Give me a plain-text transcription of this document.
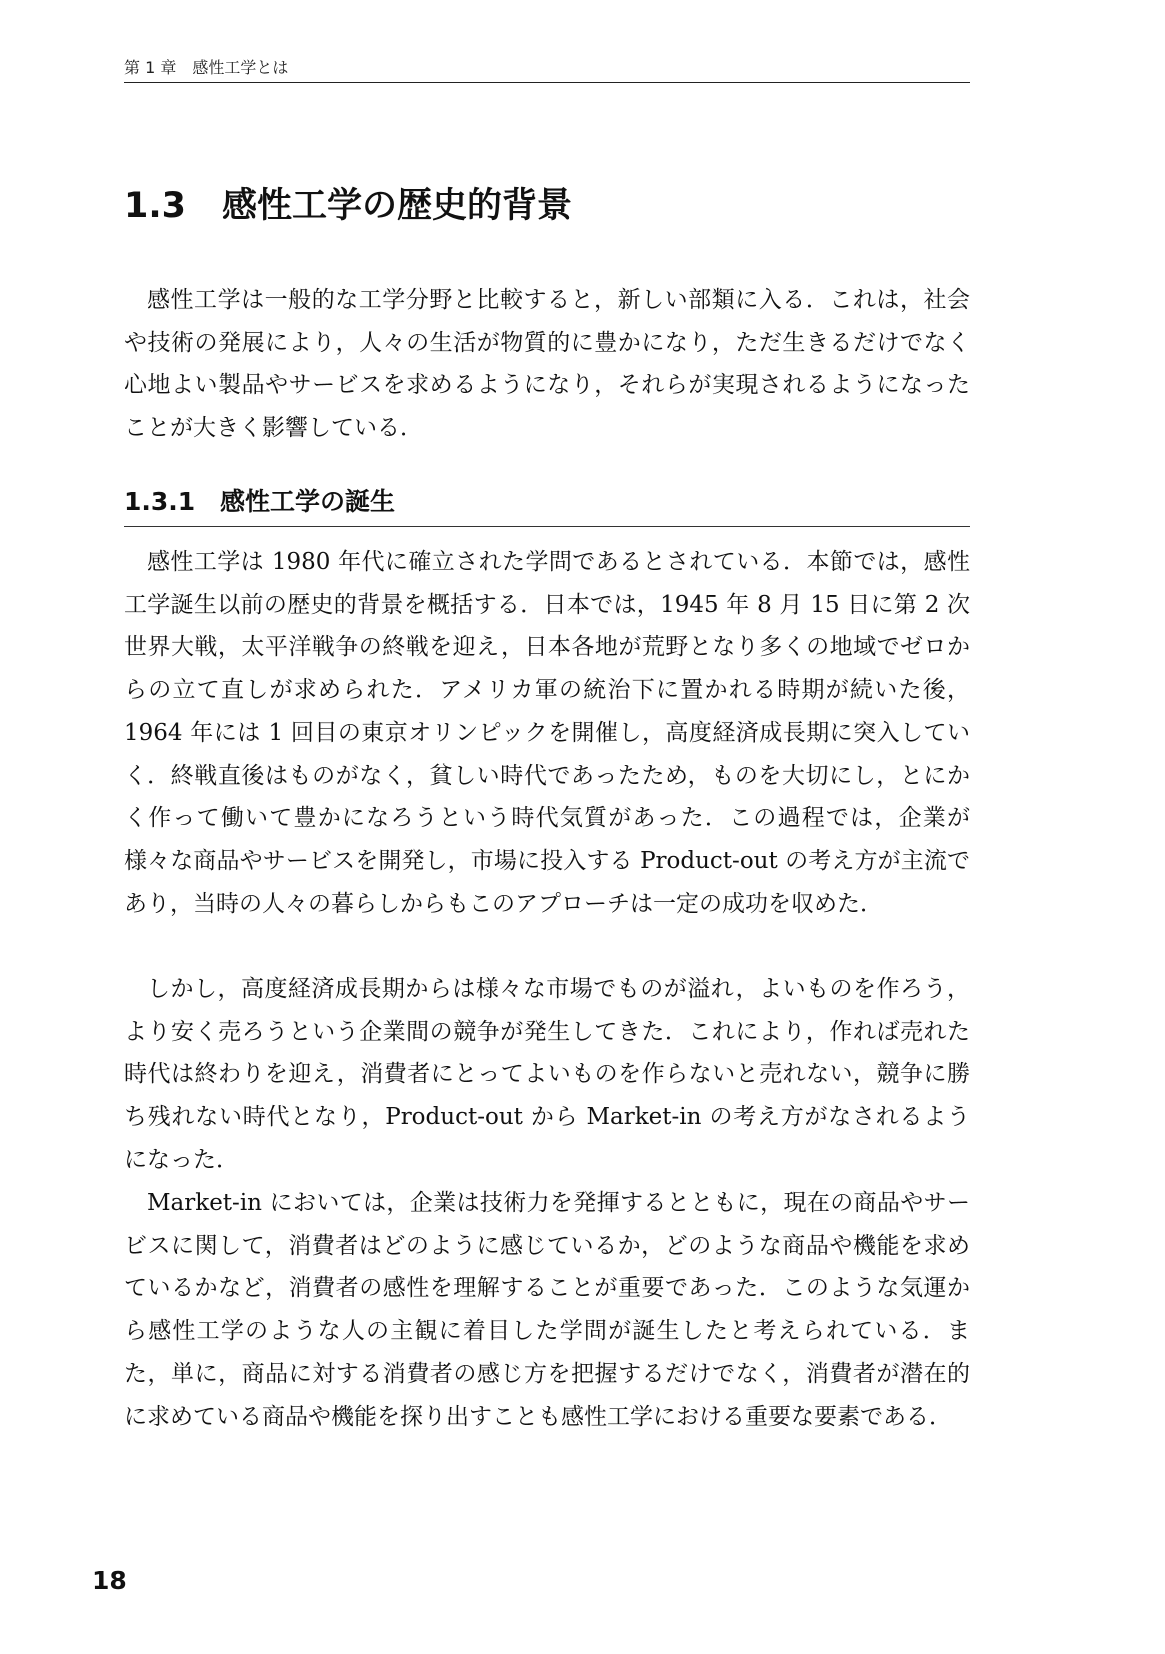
第 1 章　感性工学とは
1.3 感性工学の歴史的背景

感性工学は一般的な工学分野と比較すると，新しい部類に入る．これは，社会や技術の発展により，人々の生活が物質的に豊かになり，ただ生きるだけでなく心地よい製品やサービスを求めるようになり，それらが実現されるようになったことが大きく影響している．

1.3.1 感性工学の誕生

感性工学は 1980 年代に確立された学問であるとされている．本節では，感性工学誕生以前の歴史的背景を概括する．日本では，1945 年 8 月 15 日に第 2 次世界大戦，太平洋戦争の終戦を迎え，日本各地が荒野となり多くの地域でゼロからの立て直しが求められた．アメリカ軍の統治下に置かれる時期が続いた後，1964 年には 1 回目の東京オリンピックを開催し，高度経済成長期に突入していく．終戦直後はものがなく，貧しい時代であったため，ものを大切にし，とにかく作って働いて豊かになろうという時代気質があった．この過程では，企業が様々な商品やサービスを開発し，市場に投入する Product-out の考え方が主流であり，当時の人々の暮らしからもこのアプローチは一定の成功を収めた．

しかし，高度経済成長期からは様々な市場でものが溢れ，よいものを作ろう，より安く売ろうという企業間の競争が発生してきた．これにより，作れば売れた時代は終わりを迎え，消費者にとってよいものを作らないと売れない，競争に勝ち残れない時代となり，Product-out から Market-in の考え方がなされるようになった．

Market-in においては，企業は技術力を発揮するとともに，現在の商品やサービスに関して，消費者はどのように感じているか，どのような商品や機能を求めているかなど，消費者の感性を理解することが重要であった．このような気運から感性工学のような人の主観に着目した学問が誕生したと考えられている．また，単に，商品に対する消費者の感じ方を把握するだけでなく，消費者が潜在的に求めている商品や機能を探り出すことも感性工学における重要な要素である．

18
